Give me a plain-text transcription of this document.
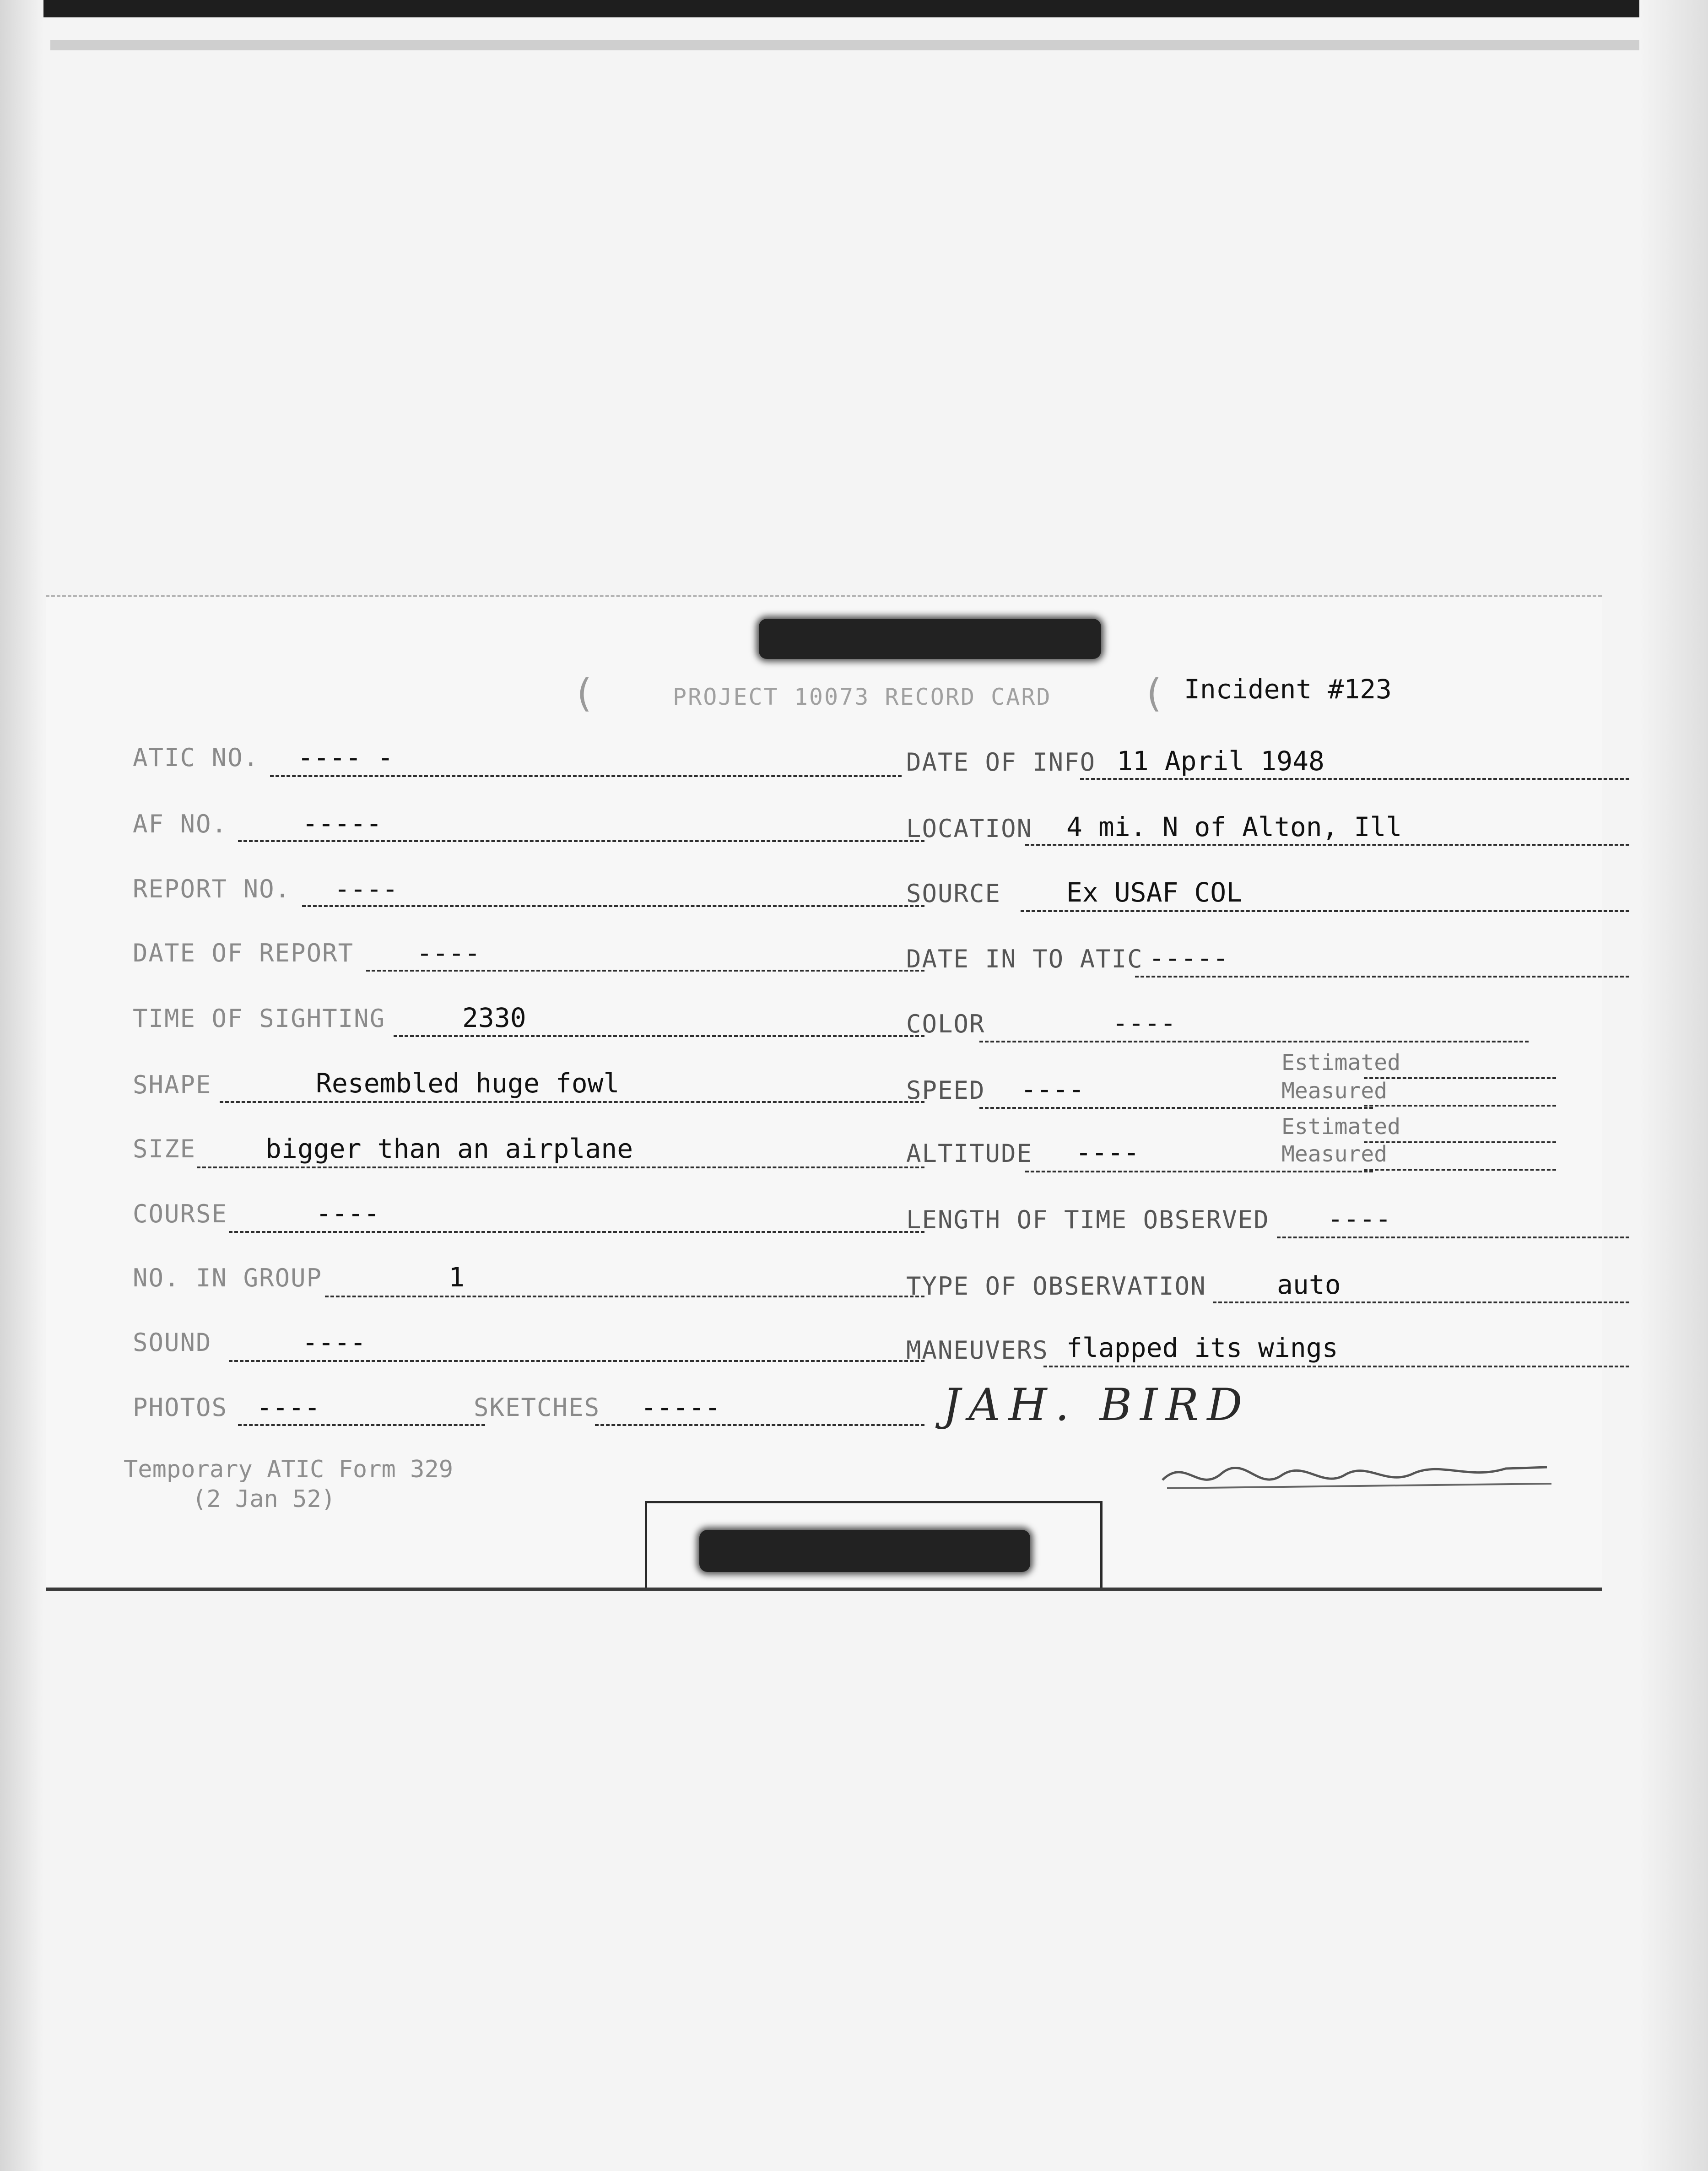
(	PROJECT 10073 RECORD CARD ( Incident #123
ATIC NO. ---- -
AF NO.	-----
REPORT NO. ----
DATE OF REPORT ----
TIME OF SIGHTING	2330
SHAPE	Resembled huge fowl
SIZE	bigger than an airplane
COURSE	----
NO. IN GROUP	1
SOUND	----
PHOTOS ----	SKETCHES -----
DATE OF INFO 11 April 1948
LOCATION 4 mi. N of Alton, Ill
SOURCE Ex USAF COL
DATE IN TO ATIC -----
COLOR	----
SPEED ----
Estimated
Measured
ALTITUDE ----
Estimated
Measured
LENGTH OF TIME OBSERVED ----
TYPE OF OBSERVATION	auto
MANEUVERS flapped its wings
JAH. BIRD
Temporary ATIC Form 329
(2 Jan 52)
